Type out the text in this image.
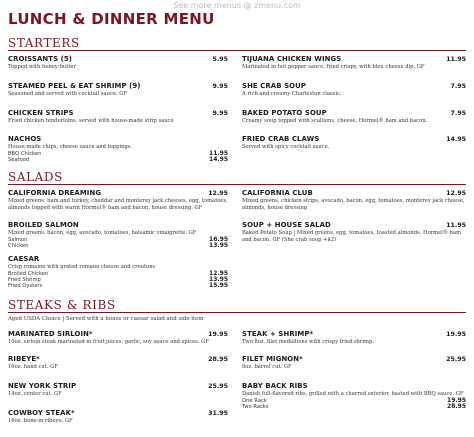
See more menus @ zmenu.com
LUNCH & DINNER MENU
STARTERS
CROISSANTS (5)	5.95
Topped with honey-butter
STEAMED PEEL & EAT SHRIMP (9)	9.95
Seasoned and served with cocktail sauce. GF
CHICKEN STRIPS	9.95
Fried chicken tenderloins, served with house-made strip sauce
NACHOS
House-made chips, cheese sauce and toppings.
BBQ Chicken	11.95
Seafood	14.95
TIJUANA CHICKEN WINGS	11.95
Marinated in hot pepper sauce, fried crispy, with bleu cheese dip. GF
SHE CRAB SOUP	7.95
A rich and creamy Charleston classic.
BAKED POTATO SOUP	7.95
Creamy soup topped with scallions, cheese, Hormel® ham and bacon.
FRIED CRAB CLAWS	14.95
Served with spicy cocktail sauce.
SALADS
CALIFORNIA DREAMING	12.95
Mixed greens, ham and turkey, cheddar and monterey jack cheeses, egg, tomatoes, almonds topped with warm Hormel® ham and bacon, house dressing. GF
BROILED SALMON
Mixed greens, bacon, egg, avocado, tomatoes, balsamic vinaigrette. GF
Salmon	16.95
Chicken	13.95
CAESAR
Crisp romaine with grated romano cheese and croutons
Broiled Chicken	12.95
Fried Shrimp	13.95
Fried Oysters	15.95
CALIFORNIA CLUB	12.95
Mixed greens, chicken strips, avocado, bacon, egg, tomatoes, monterey jack cheese, almonds, house dressing
SOUP + HOUSE SALAD	11.95
Baked Potato Soup | Mixed greens, egg, tomatoes, toasted almonds, Hormel® ham and bacon. GF (She crab soup +$2)
STEAKS & RIBS
Aged USDA Choice | Served with a house or caesar salad and side item
MARINATED SIRLOIN*	19.95
10oz. sirloin steak marinated in fruit juices, garlic, soy sauce and spices. GF
RIBEYE*	28.95
16oz. hand cut. GF
NEW YORK STRIP	25.95
14oz. center cut. GF
COWBOY STEAK*	31.95
16oz. bone-in ribeye. GF
STEAK + SHRIMP*	19.95
Two 8oz. filet medallions with crispy fried shrimp.
FILET MIGNON*	25.95
8oz. barrel cut. GF
BABY BACK RIBS
Danish full-flavored ribs, grilled with a charred exterior, basted with BBQ sauce. GF
One Rack	19.95
Two Racks	28.95
